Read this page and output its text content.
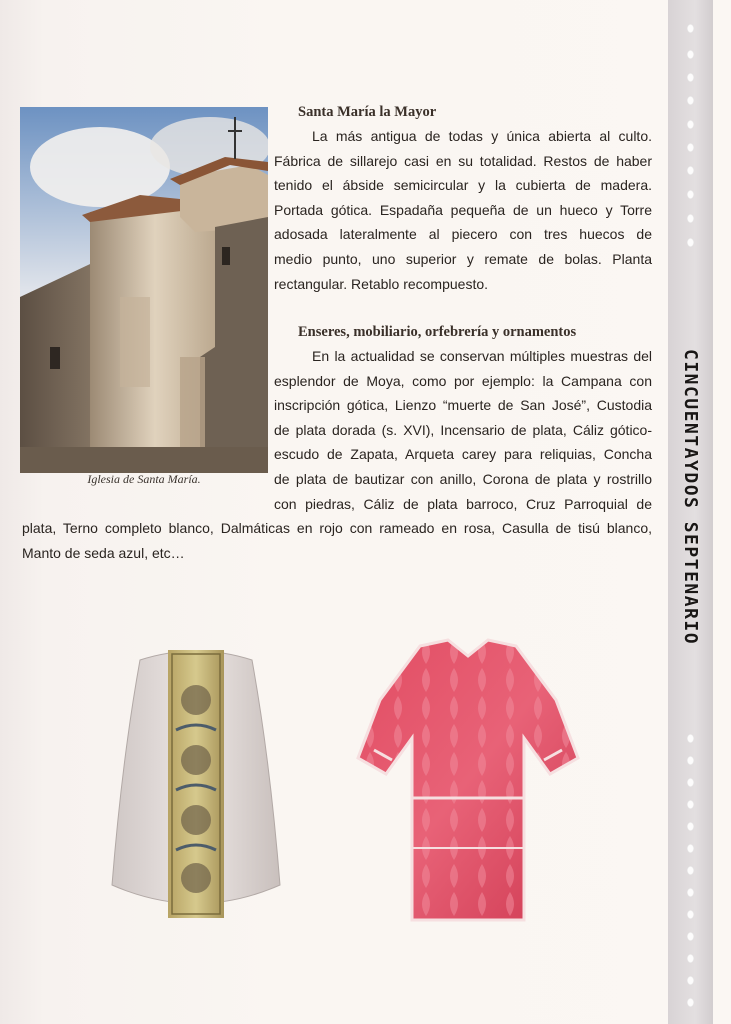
Iglesia de Santa María.
Santa María la Mayor
La más antigua de todas y única abierta al culto.
Fábrica de sillarejo casi en su totalidad. Restos de haber
tenido el ábside semicircular y la cubierta de madera.
Portada gótica. Espadaña pequeña de un hueco y Torre
adosada lateralmente al piecero con tres huecos de
medio punto, uno superior y remate de bolas. Planta
rectangular. Retablo recompuesto.
Enseres, mobiliario, orfebrería y ornamentos
En la actualidad se conservan múltiples muestras del
esplendor de Moya, como por ejemplo: la Campana con
inscripción gótica, Lienzo “muerte de San José”, Custodia
de plata dorada (s. XVI), Incensario de plata, Cáliz gótico-
escudo de Zapata, Arqueta carey para reliquias, Concha
de plata de bautizar con anillo, Corona de plata y rostrillo
con piedras, Cáliz de plata barroco, Cruz Parroquial de
plata, Terno completo blanco, Dalmáticas en rojo con rameado en rosa, Casulla de tisú blanco,
Manto de seda azul, etc…	CINCUENTAYDOS SEPTENARIO
